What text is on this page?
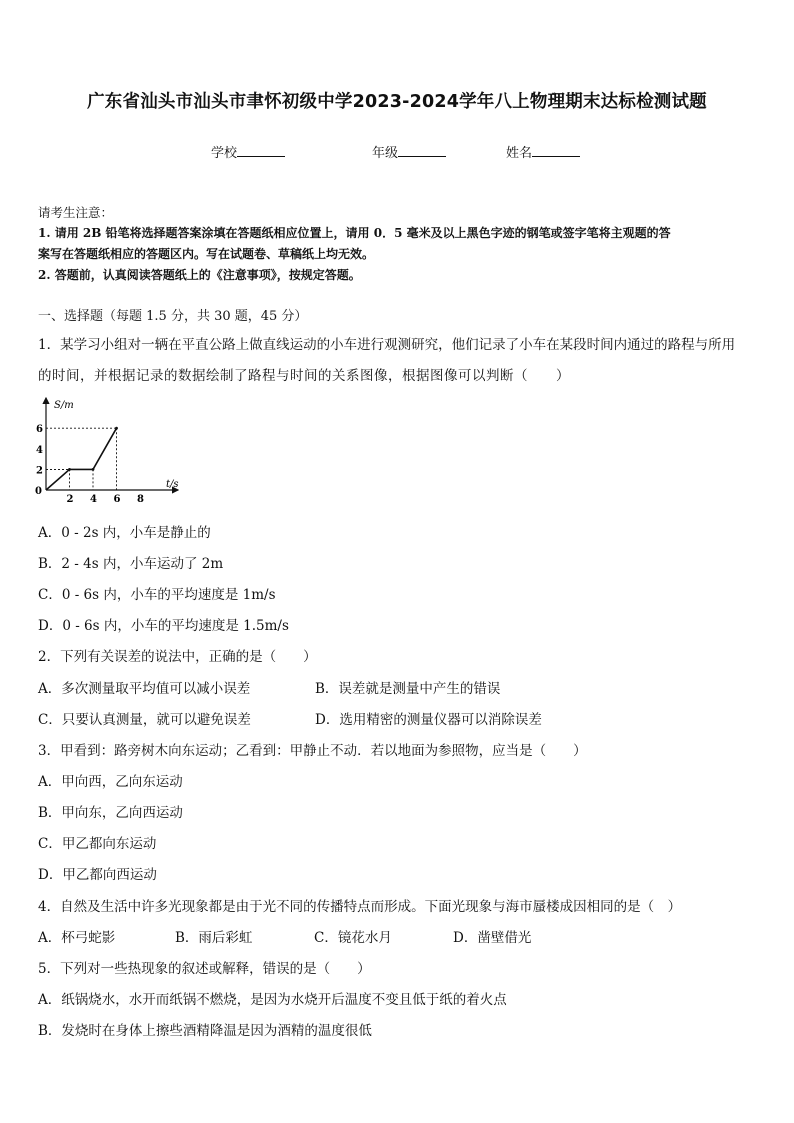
广东省汕头市汕头市聿怀初级中学2023-2024学年八上物理期末达标检测试题
学校	年级	姓名
请考生注意：
1. 请用 2B 铅笔将选择题答案涂填在答题纸相应位置上，请用 0．5 毫米及以上黑色字迹的钢笔或签字笔将主观题的答
案写在答题纸相应的答题区内。写在试题卷、草稿纸上均无效。
2. 答题前，认真阅读答题纸上的《注意事项》，按规定答题。
一、选择题（每题 1.5 分，共 30 题，45 分）
1．某学习小组对一辆在平直公路上做直线运动的小车进行观测研究，他们记录了小车在某段时间内通过的路程与所用
的时间，并根据记录的数据绘制了路程与时间的关系图像，根据图像可以判断（　　）
2 4 6 8
2
4
6
S/m
t/s
0
A．0 - 2s 内，小车是静止的
B．2 - 4s 内，小车运动了 2m
C．0 - 6s 内，小车的平均速度是 1m/s
D．0 - 6s 内，小车的平均速度是 1.5m/s
2．下列有关误差的说法中，正确的是（　　）
A．多次测量取平均值可以减小误差	B．误差就是测量中产生的错误
C．只要认真测量，就可以避免误差	D．选用精密的测量仪器可以消除误差
3．甲看到：路旁树木向东运动；乙看到：甲静止不动．若以地面为参照物，应当是（　　）
A．甲向西，乙向东运动
B．甲向东，乙向西运动
C．甲乙都向东运动
D．甲乙都向西运动
4．自然及生活中许多光现象都是由于光不同的传播特点而形成。下面光现象与海市蜃楼成因相同的是（　）
A．杯弓蛇影	B．雨后彩虹	C．镜花水月	D．凿壁借光
5．下列对一些热现象的叙述或解释，错误的是（　　）
A．纸锅烧水，水开而纸锅不燃烧，是因为水烧开后温度不变且低于纸的着火点
B．发烧时在身体上擦些酒精降温是因为酒精的温度很低
